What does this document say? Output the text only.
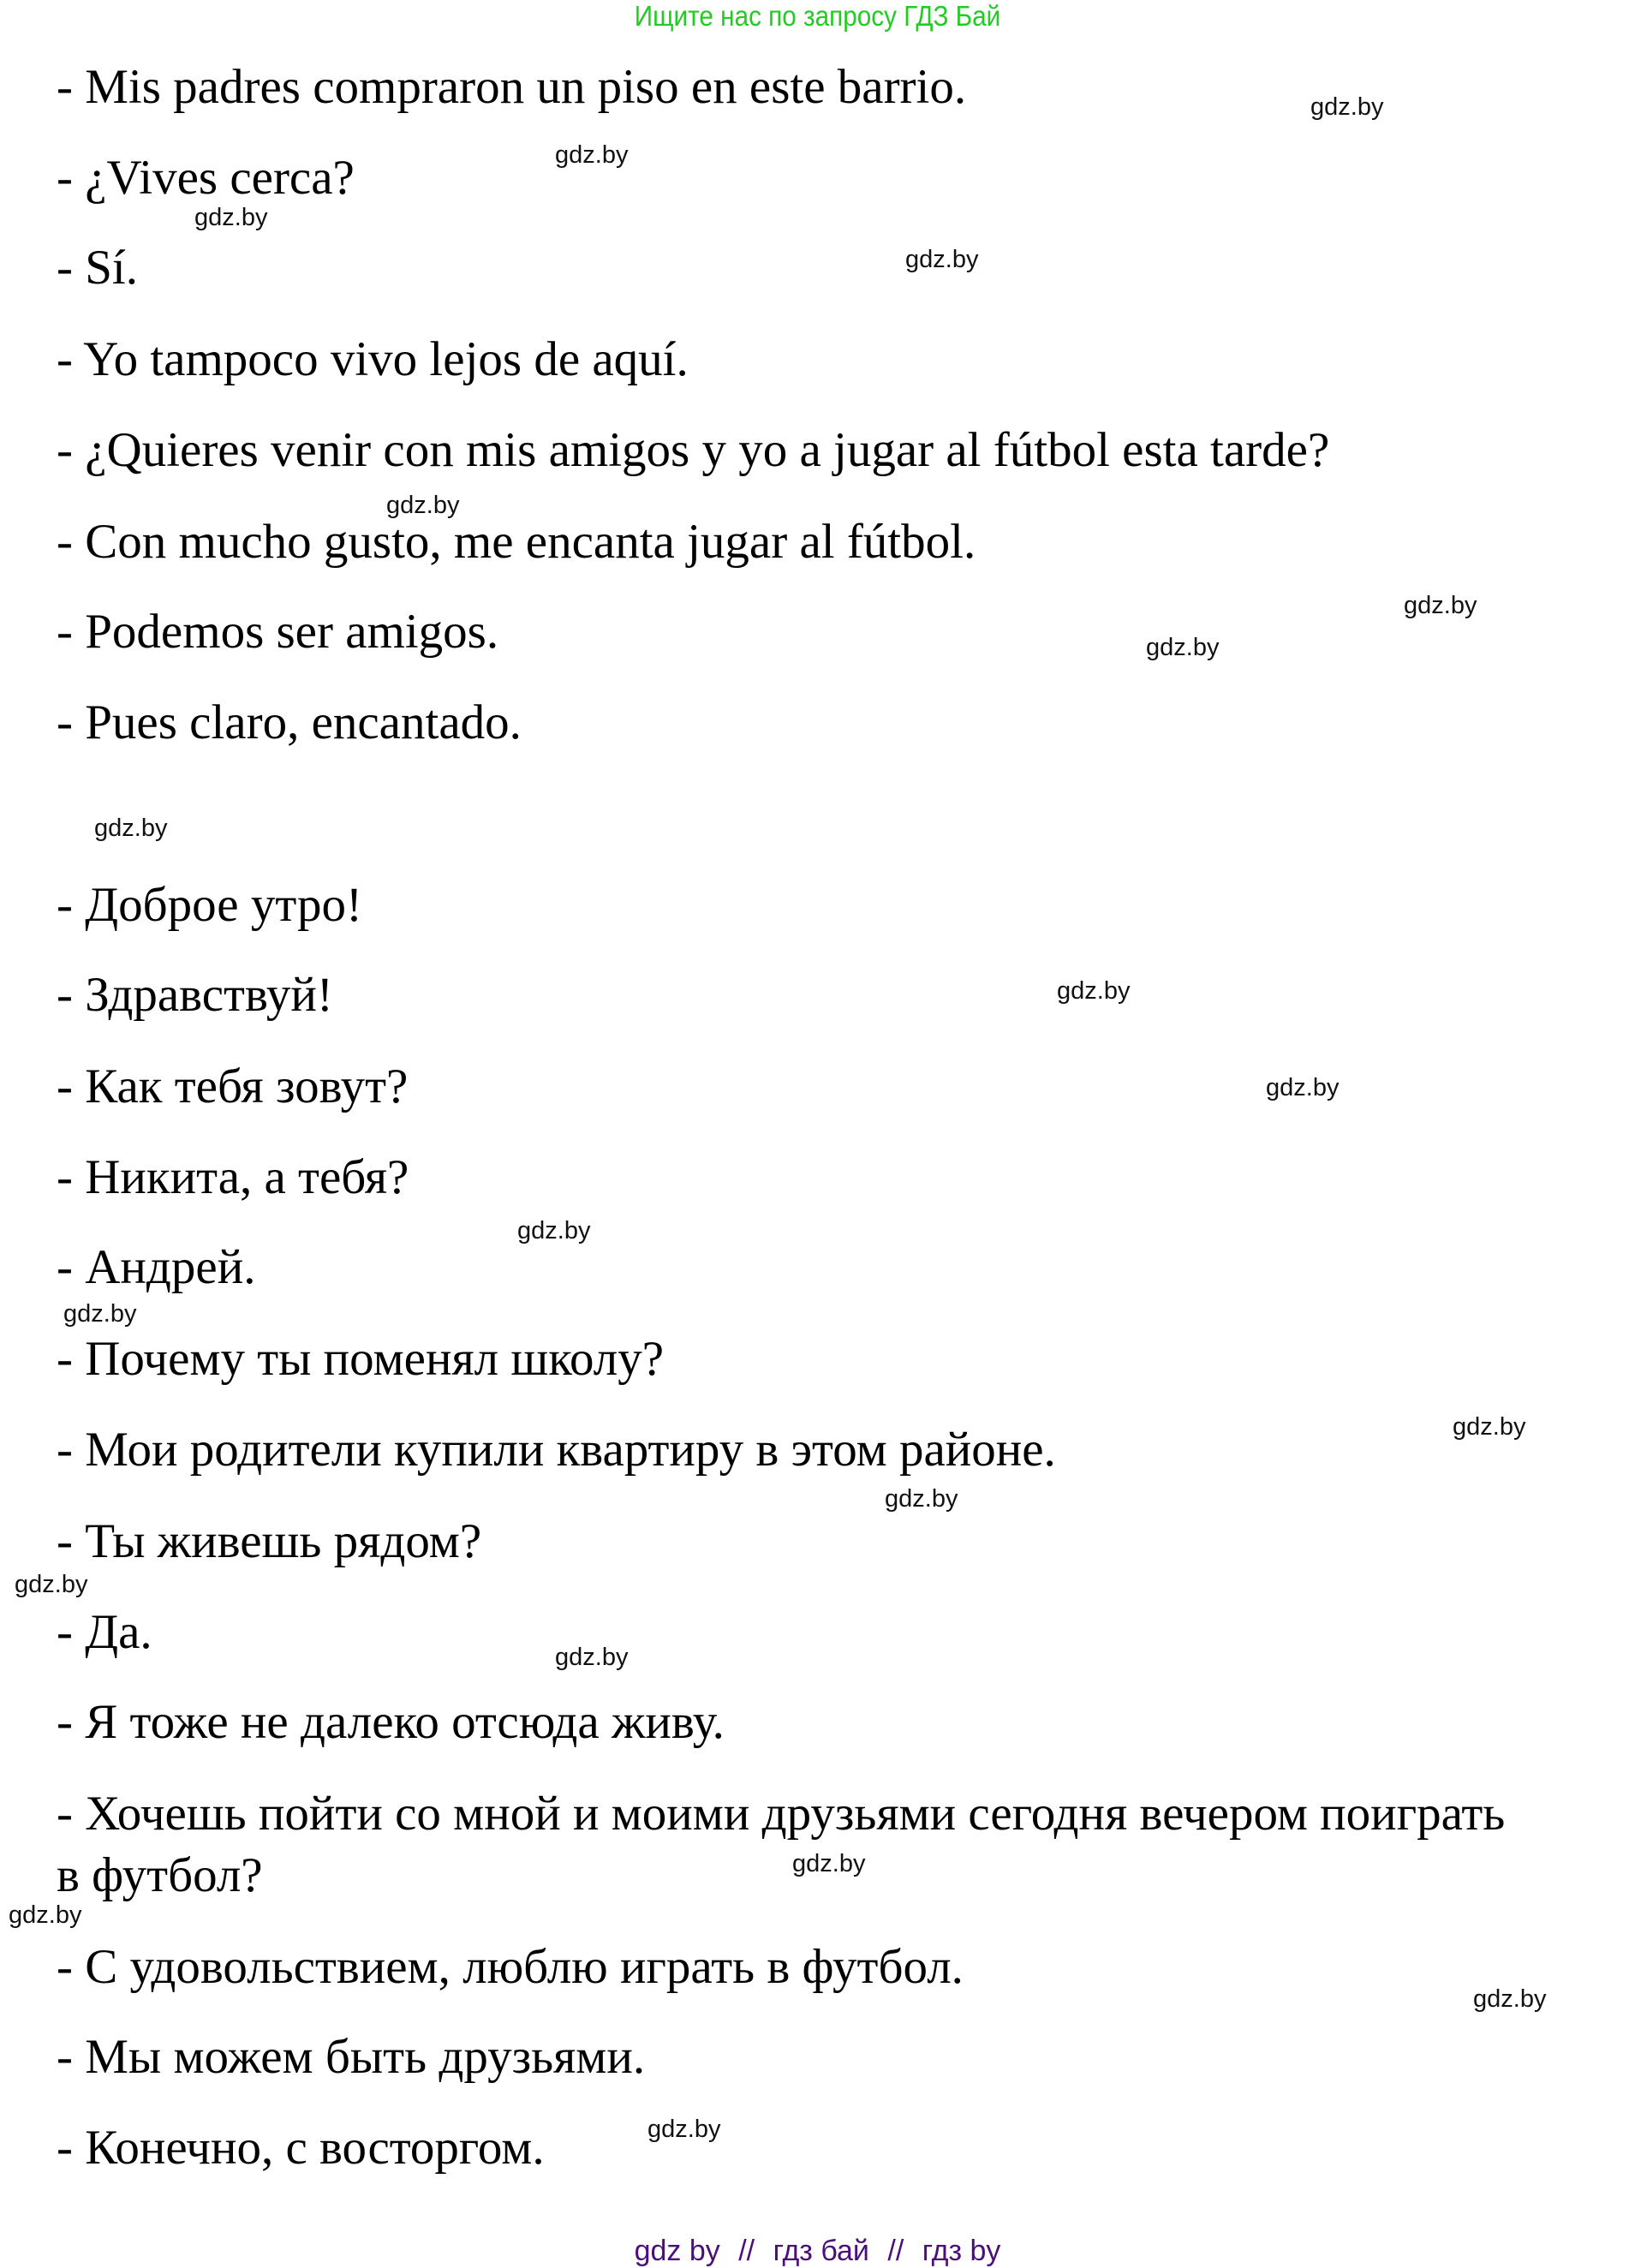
Ищите нас по запросу ГДЗ Бай
- Mis padres compraron un piso en este barrio.
- ¿Vives cerca?
- Sí.
- Yo tampoco vivo lejos de aquí.
- ¿Quieres venir con mis amigos y yo a jugar al fútbol esta tarde?
- Con mucho gusto, me encanta jugar al fútbol.
- Podemos ser amigos.
- Pues claro, encantado.
- Доброе утро!
- Здравствуй!
- Как тебя зовут?
- Никита, а тебя?
- Андрей.
- Почему ты поменял школу?
- Мои родители купили квартиру в этом районе.
- Ты живешь рядом?
- Да.
- Я тоже не далеко отсюда живу.
- Хочешь пойти со мной и моими друзьями сегодня вечером поиграть
в футбол?
- С удовольствием, люблю играть в футбол.
- Мы можем быть друзьями.
- Конечно, с восторгом.
gdz.by
gdz.by
gdz.by
gdz.by
gdz.by
gdz.by
gdz.by
gdz.by
gdz.by
gdz.by
gdz.by
gdz.by
gdz.by
gdz.by
gdz.by
gdz.by
gdz.by
gdz.by
gdz.by
gdz.by
gdz by // гдз бай // гдз by
